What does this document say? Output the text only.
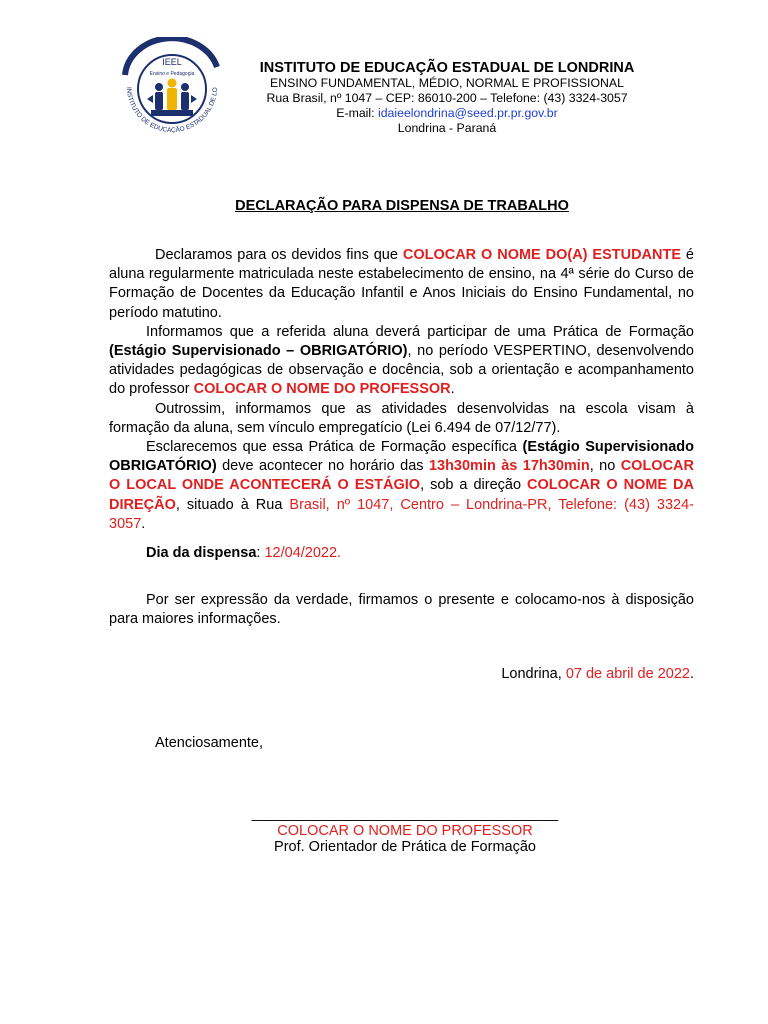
IEEL
Ensino e Pedagogia
INSTITUTO DE EDUCAÇÃO ESTADUAL DE LO
INSTITUTO DE EDUCAÇÃO ESTADUAL DE LONDRINA
ENSINO FUNDAMENTAL, MÉDIO, NORMAL E PROFISSIONAL
Rua Brasil, nº 1047 – CEP: 86010-200 – Telefone: (43) 3324-3057
E-mail: idaieelondrina@seed.pr.pr.gov.br
Londrina - Paraná
DECLARAÇÃO PARA DISPENSA DE TRABALHO

Declaramos para os devidos fins que COLOCAR O NOME DO(A) ESTUDANTE é aluna regularmente matriculada neste estabelecimento de ensino, na 4ª série do Curso de Formação de Docentes da Educação Infantil e Anos Iniciais do Ensino Fundamental, no período matutino.

Informamos que a referida aluna deverá participar de uma Prática de Formação (Estágio Supervisionado – OBRIGATÓRIO), no período VESPERTINO, desenvolvendo atividades pedagógicas de observação e docência, sob a orientação e acompanhamento do professor COLOCAR O NOME DO PROFESSOR.

Outrossim, informamos que as atividades desenvolvidas na escola visam à formação da aluna, sem vínculo empregatício (Lei 6.494 de 07/12/77).

Esclarecemos que essa Prática de Formação específica (Estágio Supervisionado OBRIGATÓRIO) deve acontecer no horário das 13h30min às 17h30min, no COLOCAR O LOCAL ONDE ACONTECERÁ O ESTÁGIO, sob a direção COLOCAR O NOME DA DIREÇÃO, situado à Rua Brasil, nº 1047, Centro – Londrina-PR, Telefone: (43) 3324-3057.

Dia da dispensa: 12/04/2022.

Por ser expressão da verdade, firmamos o presente e colocamo-nos à disposição para maiores informações.

Londrina, 07 de abril de 2022.
Atenciosamente,
______________________________________
COLOCAR O NOME DO PROFESSOR
Prof. Orientador de Prática de Formação
